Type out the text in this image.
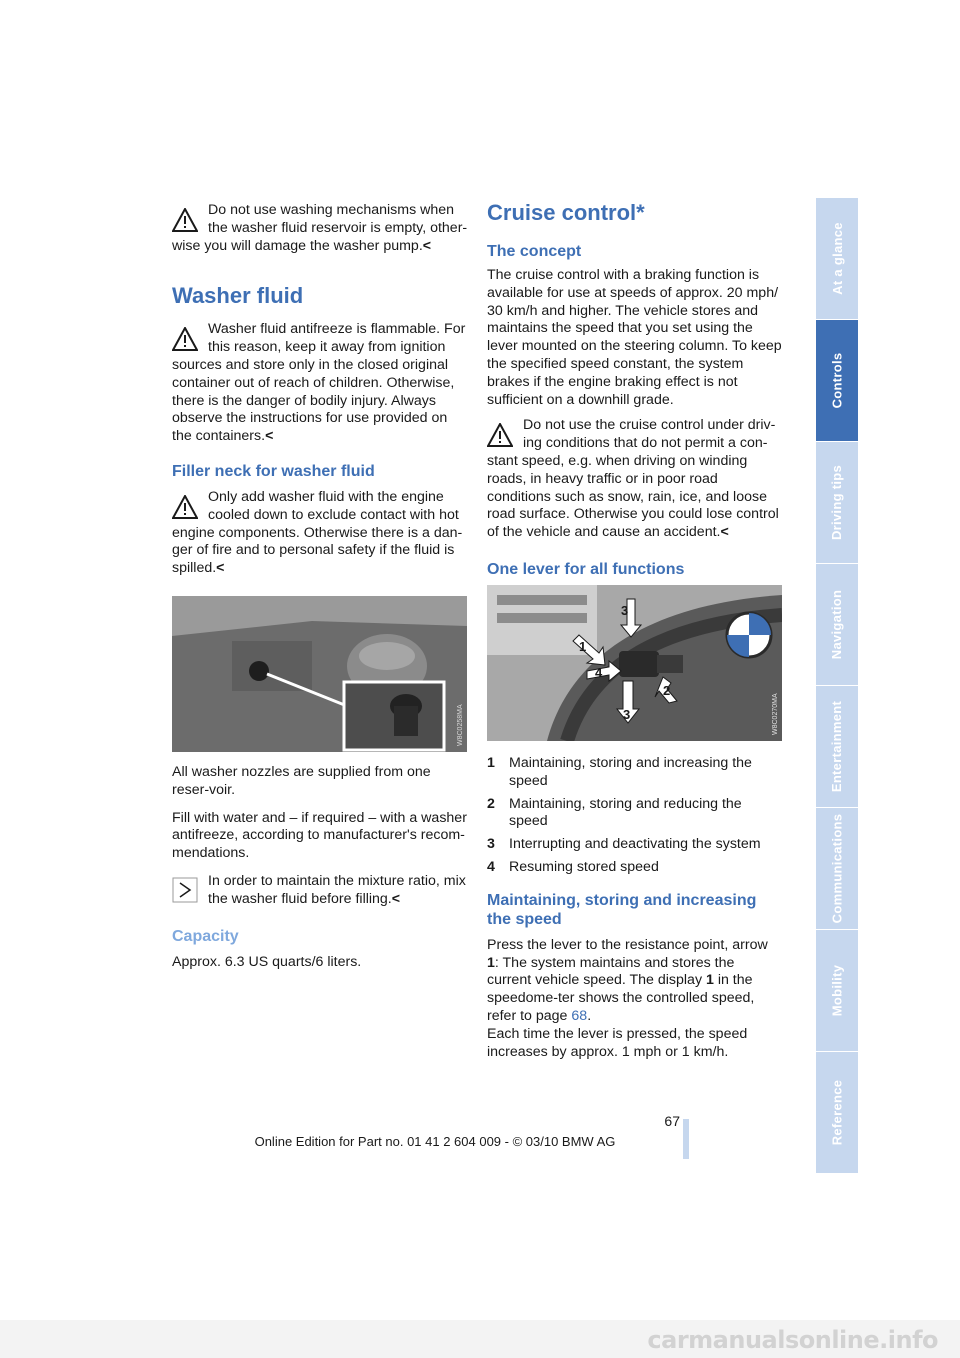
Do not use washing mechanisms when
the washer fluid reservoir is empty, other-
wise you will damage the washer pump.<
Washer fluid
Washer fluid antifreeze is flammable. For
this reason, keep it away from ignition
sources and store only in the closed original container out of reach of children. Otherwise, there is the danger of bodily injury. Always observe the instructions for use provided on the containers.<
Filler neck for washer fluid
Only add washer fluid with the engine
cooled down to exclude contact with hot
engine components. Otherwise there is a dan-ger of fire and to personal safety if the fluid is spilled.<
W8C0258MA
All washer nozzles are supplied from one reser-voir.
Fill with water and – if required – with a washer antifreeze, according to manufacturer's recom-mendations.
In order to maintain the mixture ratio, mix
the washer fluid before filling.<
Capacity
Approx. 6.3 US quarts/6 liters.
Cruise control*
The concept
The cruise control with a braking function is available for use at speeds of approx. 20 mph/ 30 km/h and higher. The vehicle stores and maintains the speed that you set using the lever mounted on the steering column. To keep the specified speed constant, the system brakes if the engine braking effect is not sufficient on a downhill grade.
Do not use the cruise control under driv-
ing conditions that do not permit a con-
stant speed, e.g. when driving on winding roads, in heavy traffic or in poor road conditions such as snow, rain, ice, and loose road surface. Otherwise you could lose control of the vehicle and cause an accident.<
One lever for all functions
3
1
4
3
2
W8C0270MA
1 Maintaining, storing and increasing the speed
2 Maintaining, storing and reducing the speed
3 Interrupting and deactivating the system
4 Resuming stored speed
Maintaining, storing and increasing the speed
Press the lever to the resistance point, arrow 1: The system maintains and stores the current vehicle speed. The display 1 in the speedome-ter shows the controlled speed, refer to page 68.
Each time the lever is pressed, the speed increases by approx. 1 mph or 1 km/h.
At a glance
Controls
Driving tips
Navigation
Entertainment
Communications
Mobility
Reference
67
Online Edition for Part no. 01 41 2 604 009 - © 03/10 BMW AG
carmanualsonline.info
